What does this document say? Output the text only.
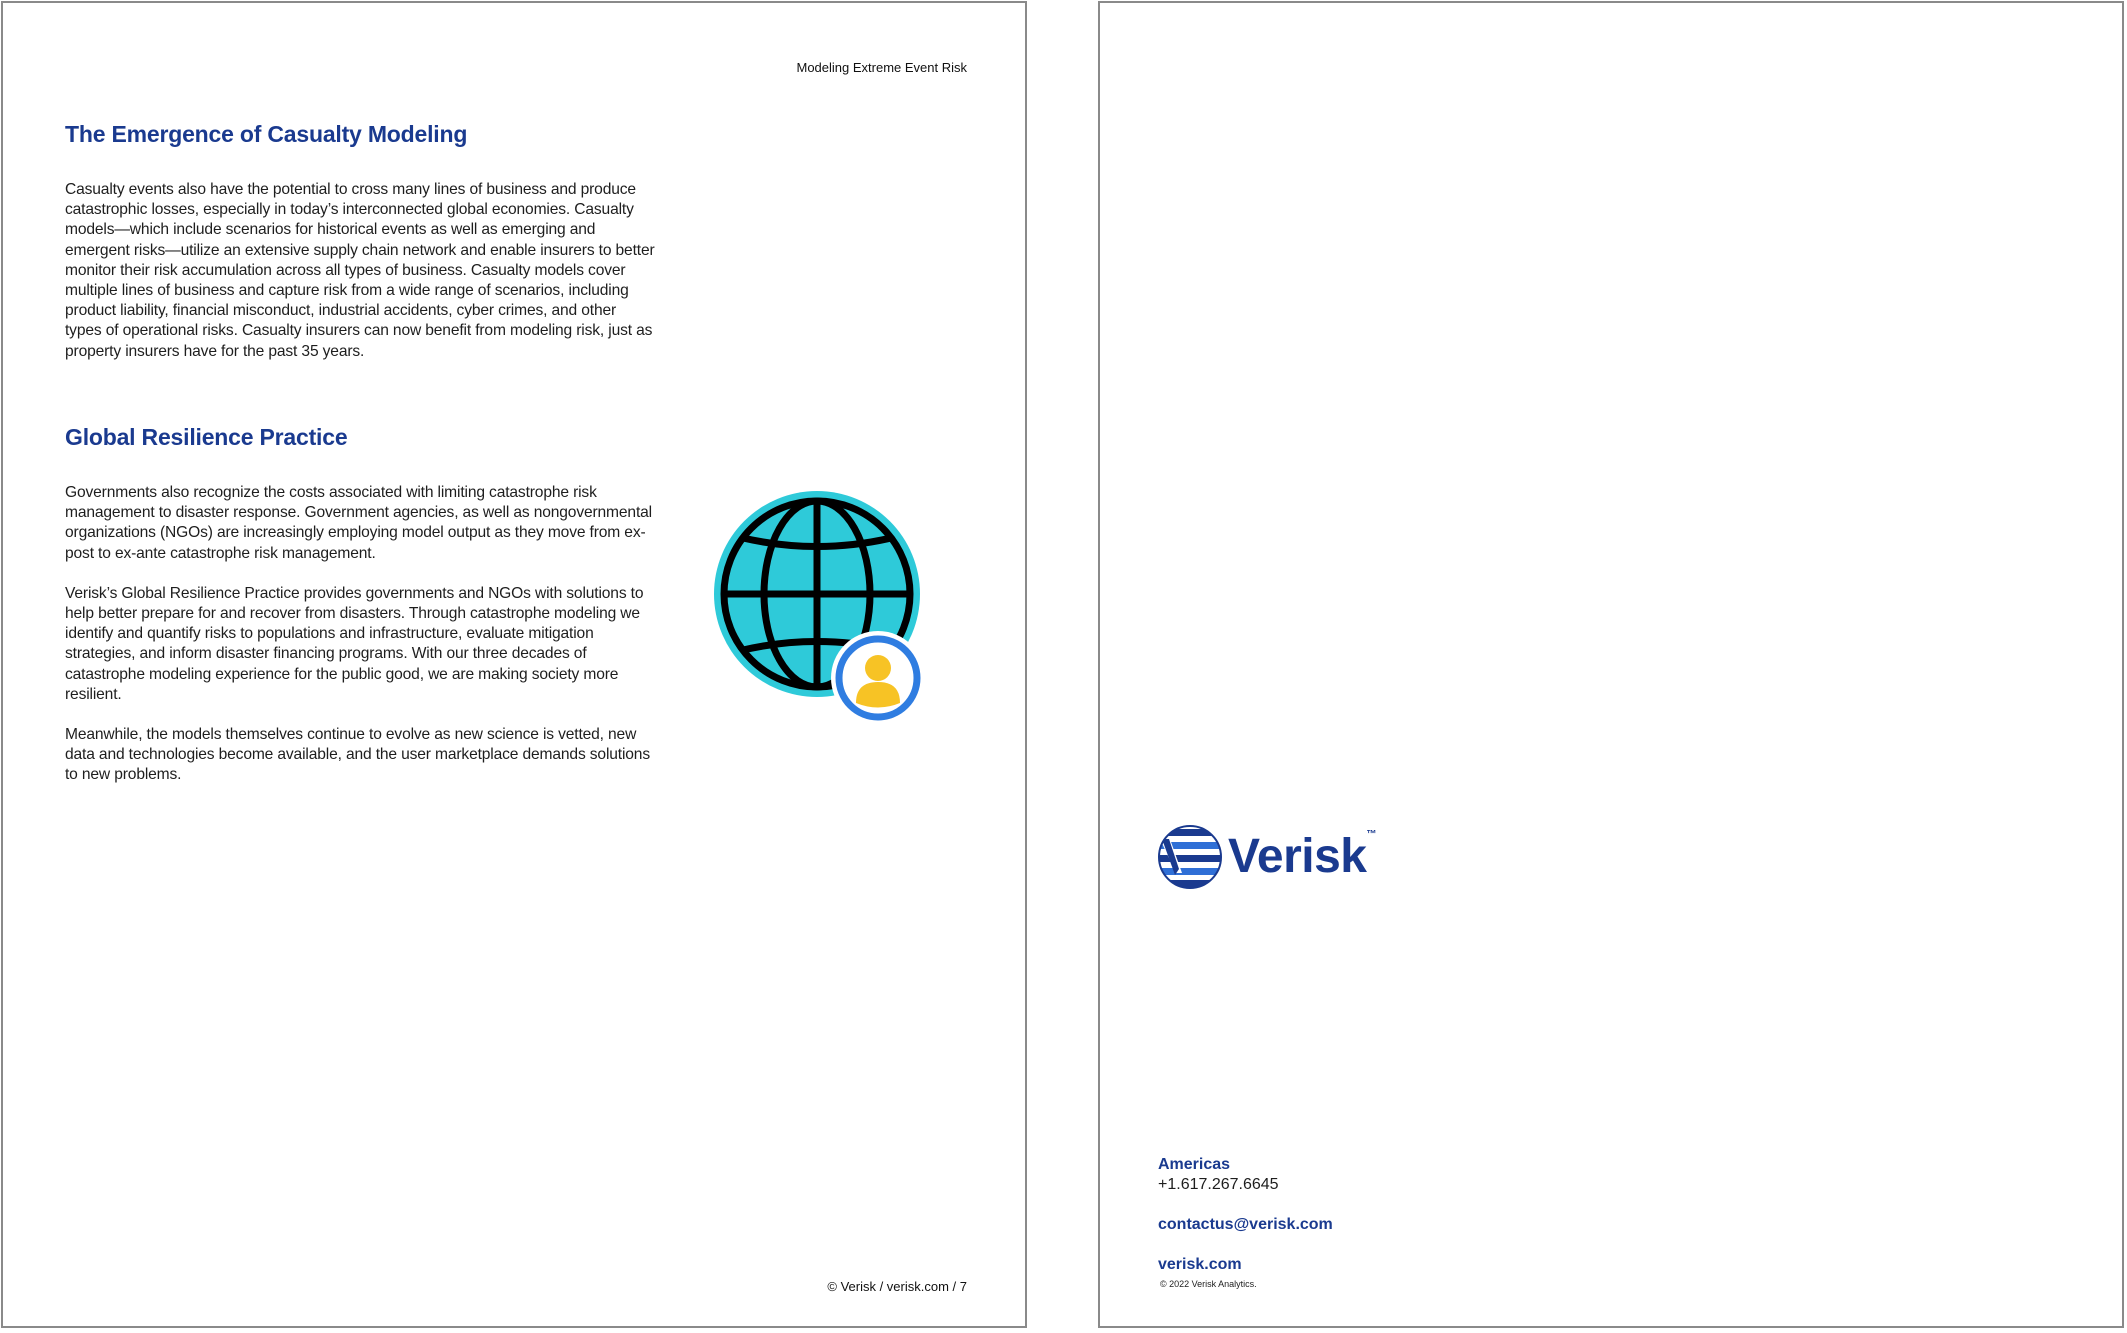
Modeling Extreme Event Risk
The Emergence of Casualty Modeling

Casualty events also have the potential to cross many lines of business and produce catastrophic losses, especially in today’s interconnected global economies. Casualty models—which include scenarios for historical events as well as emerging and emergent risks—utilize an extensive supply chain network and enable insurers to better monitor their risk accumulation across all types of business. Casualty models cover multiple lines of business and capture risk from a wide range of scenarios, including product liability, financial misconduct, industrial accidents, cyber crimes, and other types of operational risks. Casualty insurers can now benefit from modeling risk, just as property insurers have for the past 35 years.

Global Resilience Practice

Governments also recognize the costs associated with limiting catastrophe risk management to disaster response. Government agencies, as well as nongovernmental organizations (NGOs) are increasingly employing model output as they move from ex-post to ex-ante catastrophe risk management.

Verisk’s Global Resilience Practice provides governments and NGOs with solutions to help better prepare for and recover from disasters. Through catastrophe modeling we identify and quantify risks to populations and infrastructure, evaluate mitigation strategies, and inform disaster financing programs. With our three decades of catastrophe modeling experience for the public good, we are making society more resilient.

Meanwhile, the models themselves continue to evolve as new science is vetted, new data and technologies become available, and the user marketplace demands solutions to new problems.

© Verisk / verisk.com / 7
Verisk ™
Americas
+1.617.267.6645
contactus@verisk.com
verisk.com
© 2022 Verisk Analytics.
